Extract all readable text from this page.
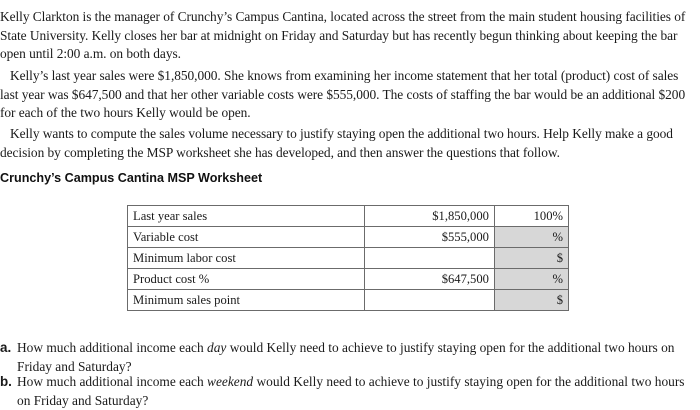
Kelly Clarkton is the manager of Crunchy’s Campus Cantina, located across the street from the main student housing facilities of State University. Kelly closes her bar at midnight on Friday and Saturday but has recently begun thinking about keeping the bar open until 2:00 a.m. on both days.

Kelly’s last year sales were $1,850,000. She knows from examining her income statement that her total (product) cost of sales last year was $647,500 and that her other variable costs were $555,000. The costs of staffing the bar would be an additional $200 for each of the two hours Kelly would be open.

Kelly wants to compute the sales volume necessary to justify staying open the additional two hours. Help Kelly make a good decision by completing the MSP worksheet she has developed, and then answer the questions that follow.

Crunchy’s Campus Cantina MSP Worksheet
Last year sales	$1,850,000	100%
Variable cost	$555,000	%
Minimum labor cost		$
Product cost %	$647,500	%
Minimum sales point		$
a. How much additional income each day would Kelly need to achieve to justify staying open for the additional two hours on Friday and Saturday?
b. How much additional income each weekend would Kelly need to achieve to justify staying open for the additional two hours on Friday and Saturday?
